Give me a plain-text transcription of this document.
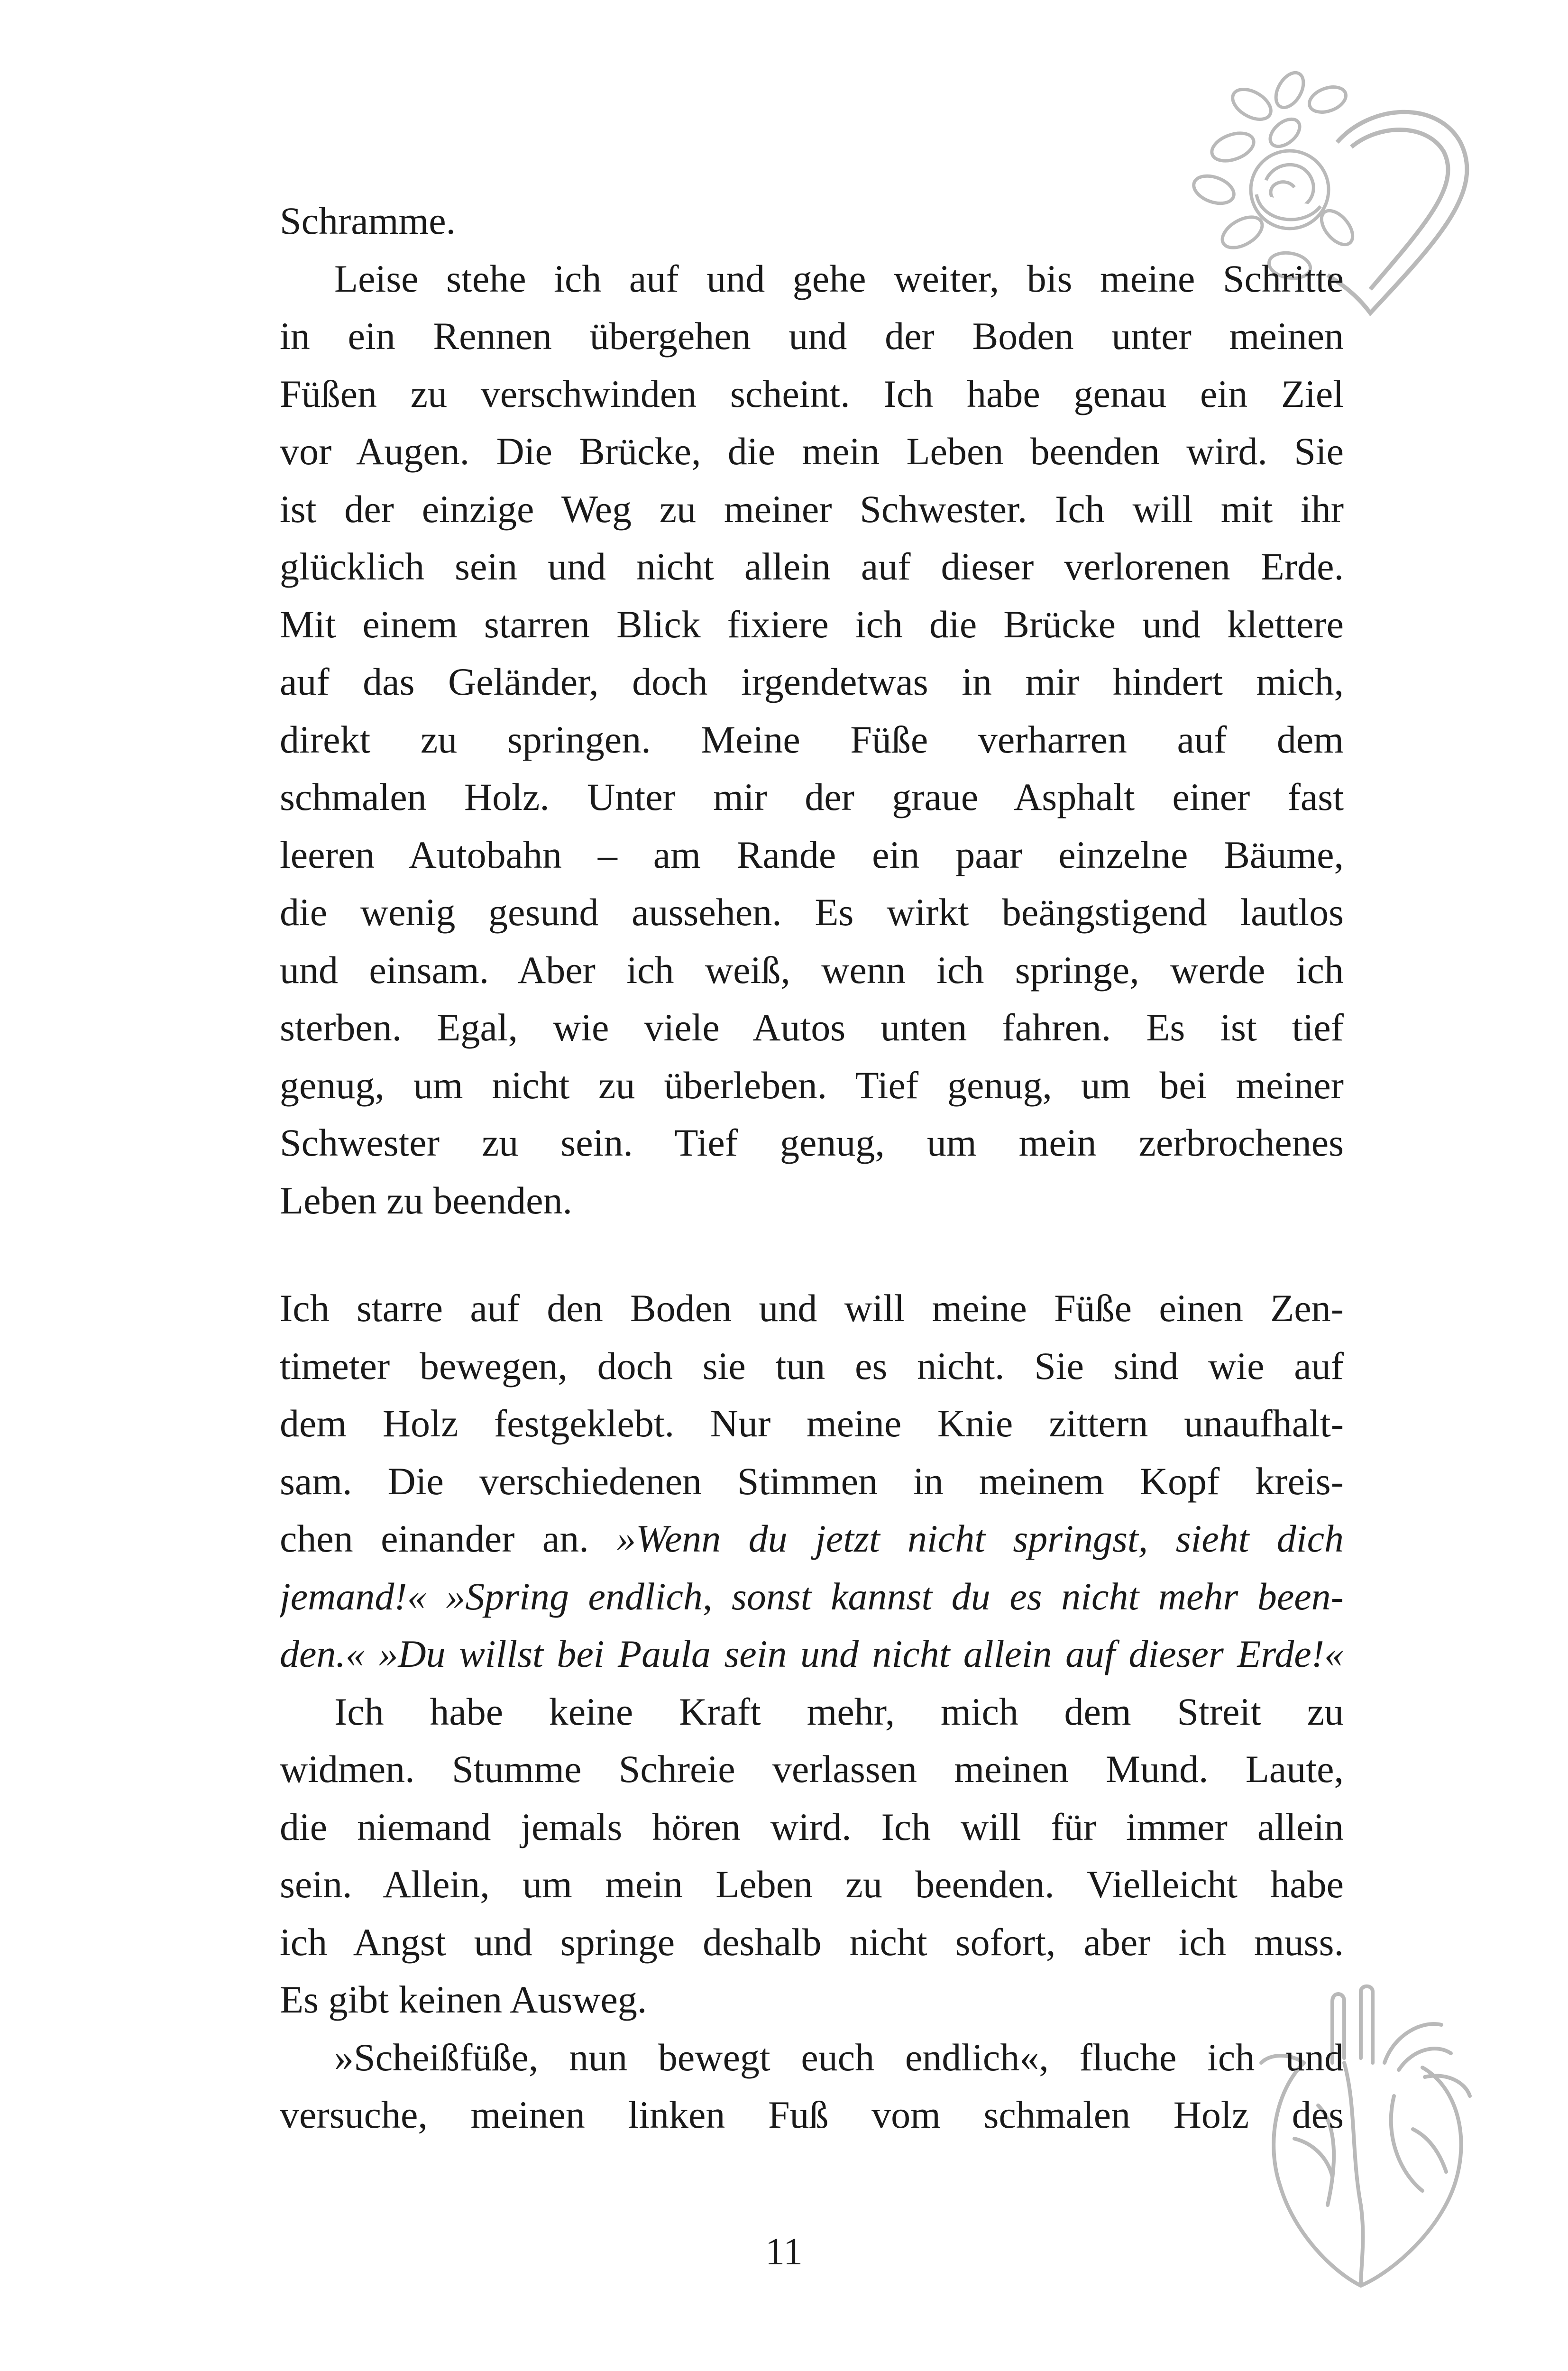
Schramme.
Leise stehe ich auf und gehe weiter, bis meine Schritte
in ein Rennen übergehen und der Boden unter meinen
Füßen zu verschwinden scheint. Ich habe genau ein Ziel
vor Augen. Die Brücke, die mein Leben beenden wird. Sie
ist der einzige Weg zu meiner Schwester. Ich will mit ihr
glücklich sein und nicht allein auf dieser verlorenen Erde.
Mit einem starren Blick fixiere ich die Brücke und klettere
auf das Geländer, doch irgendetwas in mir hindert mich,
direkt zu springen. Meine Füße verharren auf dem
schmalen Holz. Unter mir der graue Asphalt einer fast
leeren Autobahn – am Rande ein paar einzelne Bäume,
die wenig gesund aussehen. Es wirkt beängstigend lautlos
und einsam. Aber ich weiß, wenn ich springe, werde ich
sterben. Egal, wie viele Autos unten fahren. Es ist tief
genug, um nicht zu überleben. Tief genug, um bei meiner
Schwester zu sein. Tief genug, um mein zerbrochenes
Leben zu beenden.
Ich starre auf den Boden und will meine Füße einen Zen-
timeter bewegen, doch sie tun es nicht. Sie sind wie auf
dem Holz festgeklebt. Nur meine Knie zittern unaufhalt-
sam. Die verschiedenen Stimmen in meinem Kopf kreis-
chen einander an. »Wenn du jetzt nicht springst, sieht dich
jemand!« »Spring endlich, sonst kannst du es nicht mehr been-
den.« »Du willst bei Paula sein und nicht allein auf dieser Erde!«
Ich habe keine Kraft mehr, mich dem Streit zu
widmen. Stumme Schreie verlassen meinen Mund. Laute,
die niemand jemals hören wird. Ich will für immer allein
sein. Allein, um mein Leben zu beenden. Vielleicht habe
ich Angst und springe deshalb nicht sofort, aber ich muss.
Es gibt keinen Ausweg.
»Scheißfüße, nun bewegt euch endlich«, fluche ich und
versuche, meinen linken Fuß vom schmalen Holz des
11
